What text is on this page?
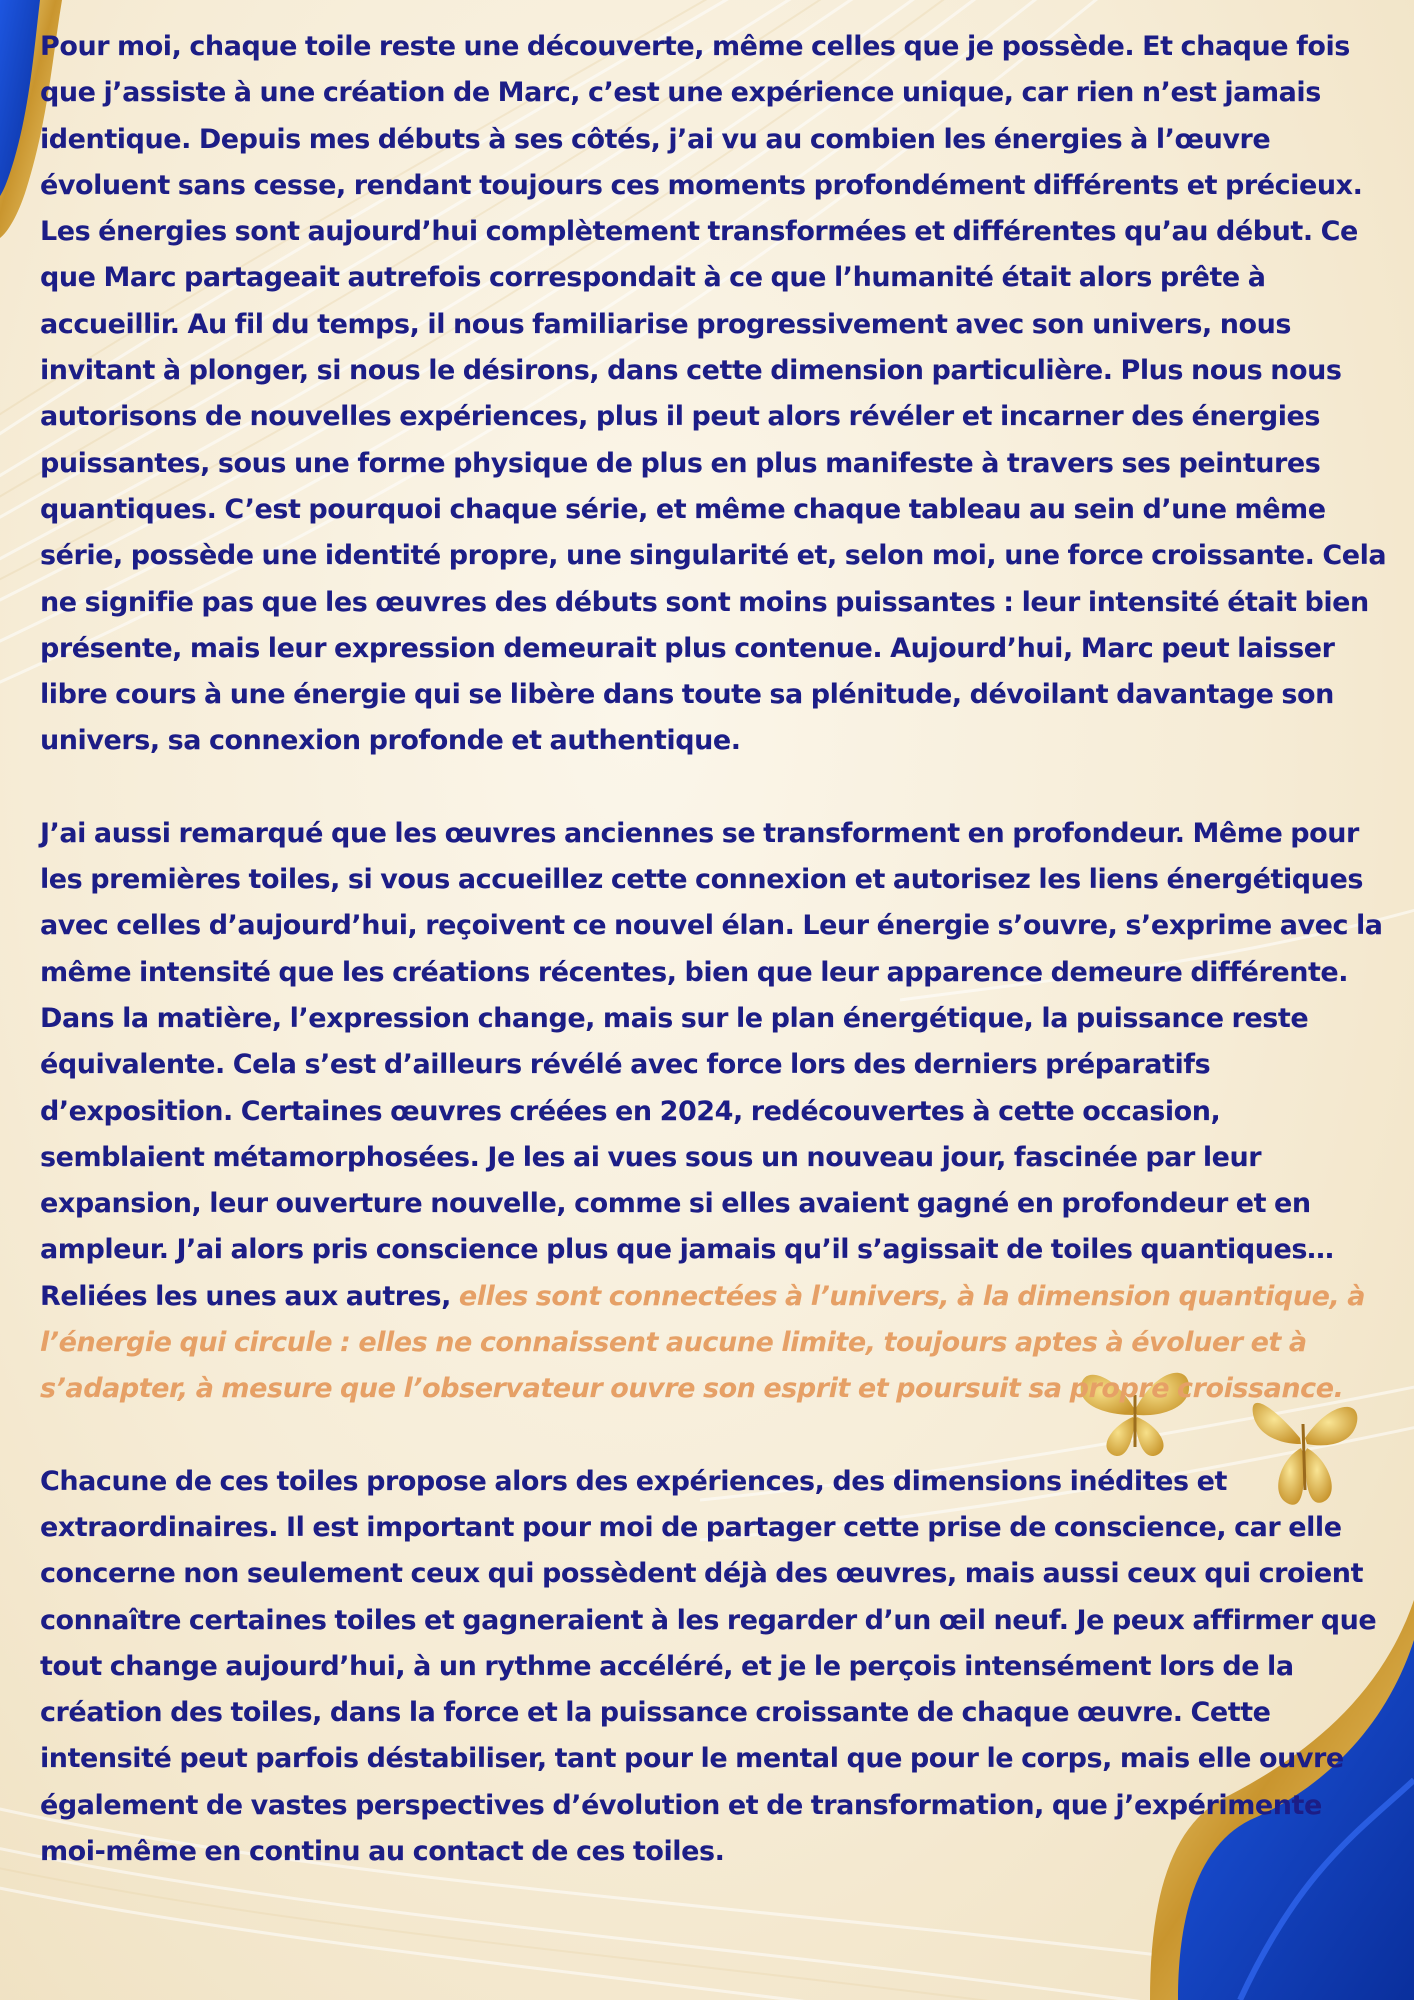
Pour moi, chaque toile reste une découverte, même celles que je possède. Et chaque fois que j’assiste à une création de Marc, c’est une expérience unique, car rien n’est jamais identique. Depuis mes débuts à ses côtés, j’ai vu au combien les énergies à l’œuvre évoluent sans cesse, rendant toujours ces moments profondément différents et précieux. Les énergies sont aujourd’hui complètement transformées et différentes qu’au début. Ce que Marc partageait autrefois correspondait à ce que l’humanité était alors prête à accueillir. Au fil du temps, il nous familiarise progressivement avec son univers, nous invitant à plonger, si nous le désirons, dans cette dimension particulière. Plus nous nous autorisons de nouvelles expériences, plus il peut alors révéler et incarner des énergies puissantes, sous une forme physique de plus en plus manifeste à travers ses peintures quantiques. C’est pourquoi chaque série, et même chaque tableau au sein d’une même série, possède une identité propre, une singularité et, selon moi, une force croissante. Cela ne signifie pas que les œuvres des débuts sont moins puissantes : leur intensité était bien présente, mais leur expression demeurait plus contenue. Aujourd’hui, Marc peut laisser libre cours à une énergie qui se libère dans toute sa plénitude, dévoilant davantage son univers, sa connexion profonde et authentique.

J’ai aussi remarqué que les œuvres anciennes se transforment en profondeur. Même pour les premières toiles, si vous accueillez cette connexion et autorisez les liens énergétiques avec celles d’aujourd’hui, reçoivent ce nouvel élan. Leur énergie s’ouvre, s’exprime avec la même intensité que les créations récentes, bien que leur apparence demeure différente. Dans la matière, l’expression change, mais sur le plan énergétique, la puissance reste équivalente. Cela s’est d’ailleurs révélé avec force lors des derniers préparatifs d’exposition. Certaines œuvres créées en 2024, redécouvertes à cette occasion, semblaient métamorphosées. Je les ai vues sous un nouveau jour, fascinée par leur expansion, leur ouverture nouvelle, comme si elles avaient gagné en profondeur et en ampleur. J’ai alors pris conscience plus que jamais qu’il s’agissait de toiles quantiques… Reliées les unes aux autres, elles sont connectées à l’univers, à la dimension quantique, à l’énergie qui circule : elles ne connaissent aucune limite, toujours aptes à évoluer et à s’adapter, à mesure que l’observateur ouvre son esprit et poursuit sa propre croissance.

Chacune de ces toiles propose alors des expériences, des dimensions inédites et extraordinaires. Il est important pour moi de partager cette prise de conscience, car elle concerne non seulement ceux qui possèdent déjà des œuvres, mais aussi ceux qui croient connaître certaines toiles et gagneraient à les regarder d’un œil neuf. Je peux affirmer que tout change aujourd’hui, à un rythme accéléré, et je le perçois intensément lors de la création des toiles, dans la force et la puissance croissante de chaque œuvre. Cette intensité peut parfois déstabiliser, tant pour le mental que pour le corps, mais elle ouvre également de vastes perspectives d’évolution et de transformation, que j’expérimente moi-même en continu au contact de ces toiles.
